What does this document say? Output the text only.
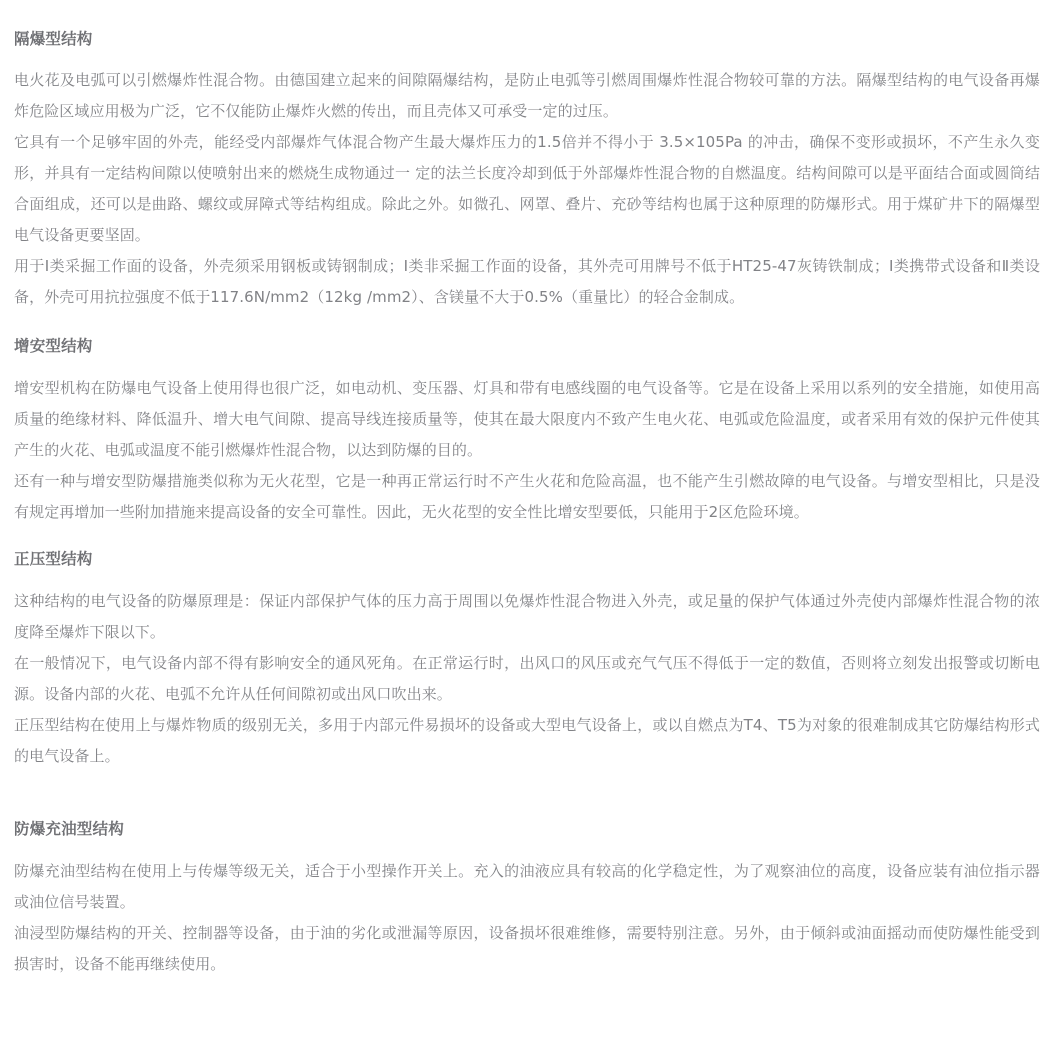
隔爆型结构

电火花及电弧可以引燃爆炸性混合物。由德国建立起来的间隙隔爆结构，是防止电弧等引燃周围爆炸性混合物较可靠的方法。隔爆型结构的电气设备再爆炸危险区域应用极为广泛，它不仅能防止爆炸火燃的传出，而且壳体又可承受一定的过压。

它具有一个足够牢固的外壳，能经受内部爆炸气体混合物产生最大爆炸压力的1.5倍并不得小于 3.5×105Pa 的冲击，确保不变形或损坏，不产生永久变形，并具有一定结构间隙以使喷射出来的燃烧生成物通过一 定的法兰长度冷却到低于外部爆炸性混合物的自燃温度。结构间隙可以是平面结合面或圆筒结合面组成，还可以是曲路、螺纹或屏障式等结构组成。除此之外。如微孔、网罩、叠片、充砂等结构也属于这种原理的防爆形式。用于煤矿井下的隔爆型电气设备更要坚固。

用于I类采掘工作面的设备，外壳须采用钢板或铸钢制成；I类非采掘工作面的设备，其外壳可用牌号不低于HT25-47灰铸铁制成；I类携带式设备和Ⅱ类设备，外壳可用抗拉强度不低于117.6N/mm2（12kg /mm2）、含镁量不大于0.5%（重量比）的轻合金制成。

增安型结构

增安型机构在防爆电气设备上使用得也很广泛，如电动机、变压器、灯具和带有电感线圈的电气设备等。它是在设备上采用以系列的安全措施，如使用高质量的绝缘材料、降低温升、增大电气间隙、提高导线连接质量等，使其在最大限度内不致产生电火花、电弧或危险温度，或者采用有效的保护元件使其产生的火花、电弧或温度不能引燃爆炸性混合物，以达到防爆的目的。

还有一种与增安型防爆措施类似称为无火花型，它是一种再正常运行时不产生火花和危险高温，也不能产生引燃故障的电气设备。与增安型相比，只是没有规定再增加一些附加措施来提高设备的安全可靠性。因此，无火花型的安全性比增安型要低，只能用于2区危险环境。

正压型结构

这种结构的电气设备的防爆原理是：保证内部保护气体的压力高于周围以免爆炸性混合物进入外壳，或足量的保护气体通过外壳使内部爆炸性混合物的浓度降至爆炸下限以下。

在一般情况下，电气设备内部不得有影响安全的通风死角。在正常运行时，出风口的风压或充气气压不得低于一定的数值，否则将立刻发出报警或切断电源。设备内部的火花、电弧不允许从任何间隙初或出风口吹出来。

正压型结构在使用上与爆炸物质的级别无关，多用于内部元件易损坏的设备或大型电气设备上，或以自燃点为T4、T5为对象的很难制成其它防爆结构形式的电气设备上。

防爆充油型结构

防爆充油型结构在使用上与传爆等级无关，适合于小型操作开关上。充入的油液应具有较高的化学稳定性，为了观察油位的高度，设备应装有油位指示器或油位信号装置。

油浸型防爆结构的开关、控制器等设备，由于油的劣化或泄漏等原因，设备损坏很难维修，需要特别注意。另外，由于倾斜或油面摇动而使防爆性能受到损害时，设备不能再继续使用。
